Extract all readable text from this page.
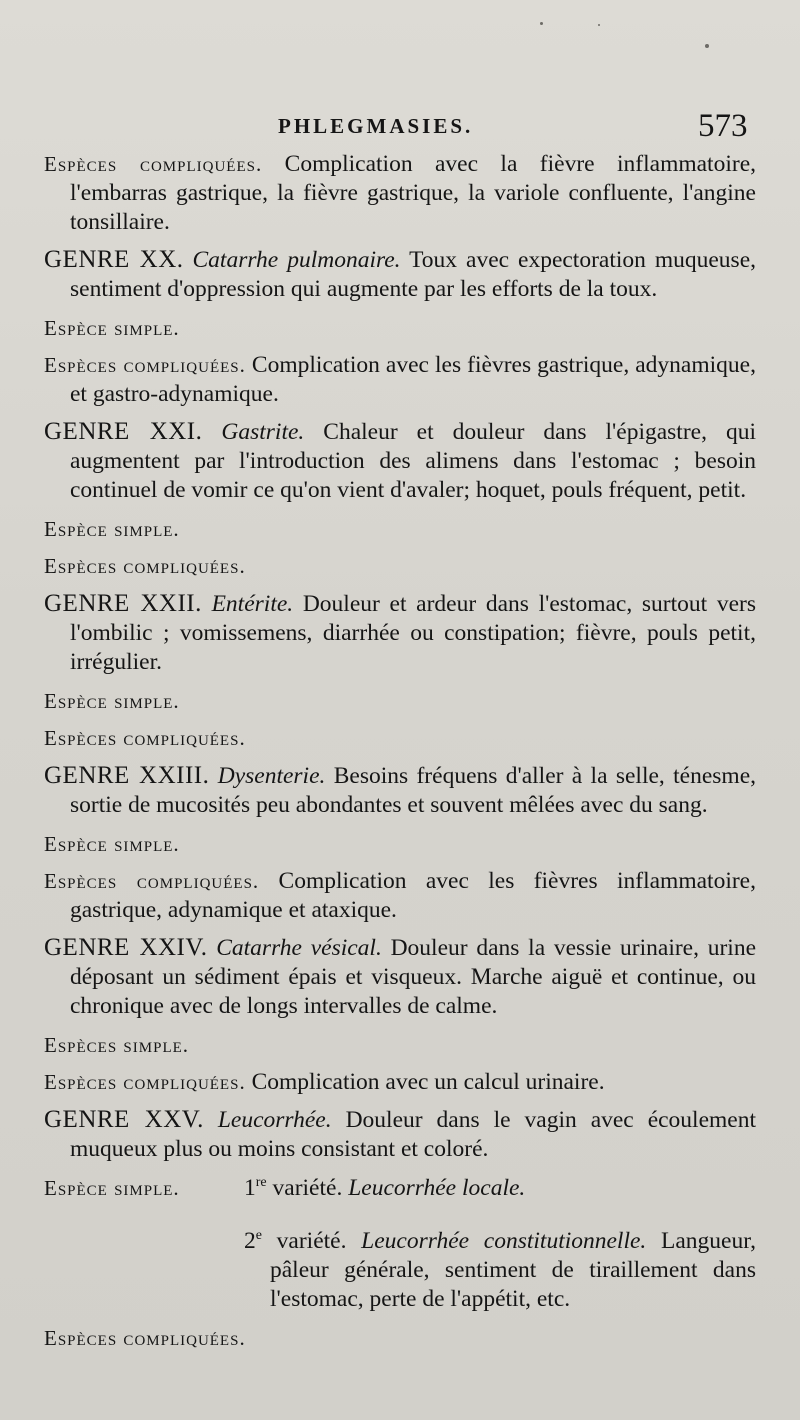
PHLEGMASIES.	573

Espèces compliquées. Complication avec la fièvre inflammatoire, l'embarras gastrique, la fièvre gastrique, la variole confluente, l'angine tonsillaire.

GENRE XX. Catarrhe pulmonaire. Toux avec expectoration muqueuse, sentiment d'oppression qui augmente par les efforts de la toux.

Espèce simple.

Espèces compliquées. Complication avec les fièvres gastrique, adynamique, et gastro-adynamique.

GENRE XXI. Gastrite. Chaleur et douleur dans l'épigastre, qui augmentent par l'introduction des alimens dans l'estomac ; besoin continuel de vomir ce qu'on vient d'avaler; hoquet, pouls fréquent, petit.

Espèce simple.

Espèces compliquées.

GENRE XXII. Entérite. Douleur et ardeur dans l'estomac, surtout vers l'ombilic ; vomissemens, diarrhée ou constipation; fièvre, pouls petit, irrégulier.

Espèce simple.

Espèces compliquées.

GENRE XXIII. Dysenterie. Besoins fréquens d'aller à la selle, ténesme, sortie de mucosités peu abondantes et souvent mêlées avec du sang.

Espèce simple.

Espèces compliquées. Complication avec les fièvres inflammatoire, gastrique, adynamique et ataxique.

GENRE XXIV. Catarrhe vésical. Douleur dans la vessie urinaire, urine déposant un sédiment épais et visqueux. Marche aiguë et continue, ou chronique avec de longs intervalles de calme.

Espèces simple.

Espèces compliquées. Complication avec un calcul urinaire.

GENRE XXV. Leucorrhée. Douleur dans le vagin avec écoulement muqueux plus ou moins consistant et coloré.

Espèce simple.	1re variété. Leucorrhée locale.

2e variété. Leucorrhée constitutionnelle. Langueur, pâleur générale, sentiment de tiraillement dans l'estomac, perte de l'appétit, etc.

Espèces compliquées.
